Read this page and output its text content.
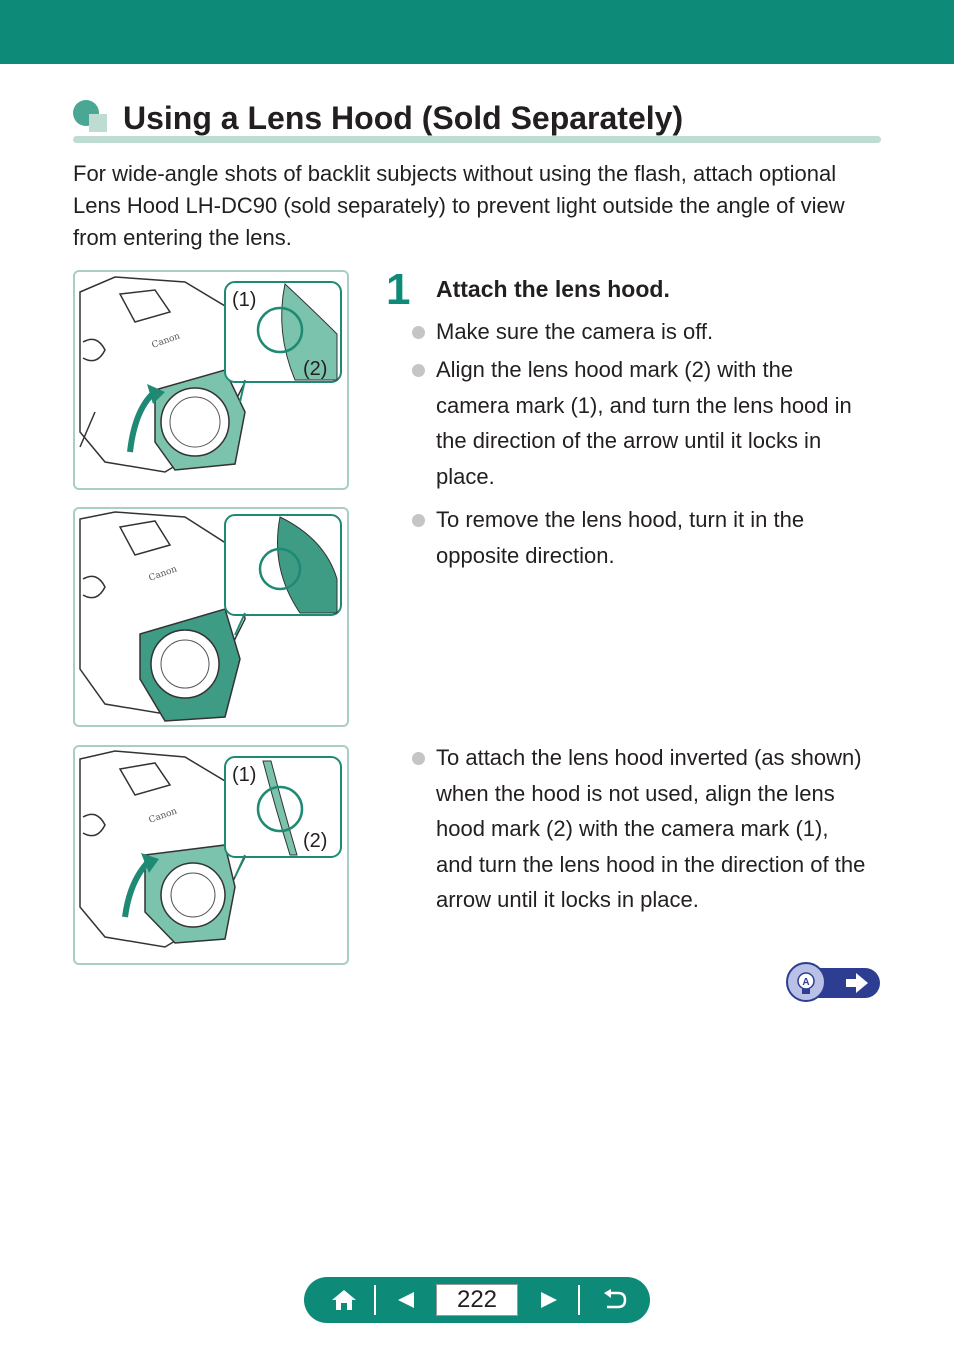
Using a Lens Hood (Sold Separately)

For wide-angle shots of backlit subjects without using the flash, attach optional Lens Hood LH-DC90 (sold separately) to prevent light outside the angle of view from entering the lens.

Canon
(1)
(2)
Canon
Canon
(1)
(2)
1 Attach the lens hood.
Make sure the camera is off.
Align the lens hood mark (2) with the camera mark (1), and turn the lens hood in the direction of the arrow until it locks in place.
To remove the lens hood, turn it in the opposite direction.
To attach the lens hood inverted (as shown) when the hood is not used, align the lens hood mark (2) with the camera mark (1), and turn the lens hood in the direction of the arrow until it locks in place.
A
222
